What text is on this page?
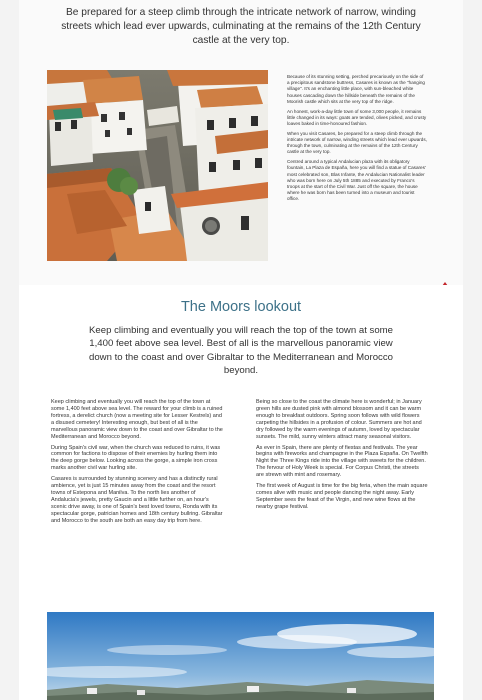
Be prepared for a steep climb through the intricate network of narrow, winding streets which lead ever upwards, culminating at the remains of the 12th Century castle at the very top.

Because of its stunning setting, perched precariously on the side of a precipitous sandstone buttress, Casares is known as the "hanging village". It's an enchanting little place, with sun-bleached white houses cascading down the hillside beneath the remains of the Moorish castle which sits at the very top of the ridge.

An honest, work-a-day little town of some 3,000 people, it remains little changed in its ways: goats are tended, olives picked, and crusty loaves baked in time-honoured fashion.

When you visit Casares, be prepared for a steep climb through the intricate network of narrow, winding streets which lead ever upwards, through the town, culminating at the remains of the 12th Century castle at the very top.

Centred around a typical Andalucian plaza with its obligatory fountain, La Plaza de España, here you will find a statue of Casares' most celebrated son, Blas Infante, the Andalucian Nationalist leader who was born here on July 5th 1885 and executed by Franco's troops at the start of the Civil War. Just off the square, the house where he was born has been turned into a museum and tourist office.

The Moors lookout

Keep climbing and eventually you will reach the top of the town at some 1,400 feet above sea level. Best of all is the marvellous panoramic view down to the coast and over Gibraltar to the Mediterranean and Morocco beyond.

Keep climbing and eventually you will reach the top of the town at some 1,400 feet above sea level. The reward for your climb is a ruined fortress, a derelict church (now a meeting site for Lesser Kestrels) and a disused cemetery! Interesting enough, but best of all is the marvellous panoramic view down to the coast and over Gibraltar to the Mediterranean and Morocco beyond.

During Spain's civil war, when the church was reduced to ruins, it was common for factions to dispose of their enemies by hurling them into the deep gorge below. Looking across the gorge, a simple iron cross marks another civil war hurling site.

Casares is surrounded by stunning scenery and has a distinctly rural ambience, yet is just 15 minutes away from the coast and the resort towns of Estepona and Manilva. To the north lies another of Andalucia's jewels, pretty Gaucin and a little further on, an hour's scenic drive away, is one of Spain's best loved towns, Ronda with its spectacular gorge, patrician homes and 18th century bullring. Gibraltar and Morocco to the south are both an easy day trip from here.

Being so close to the coast the climate here is wonderful; in January green hills are dusted pink with almond blossom and it can be warm enough to breakfast outdoors. Spring soon follows with wild flowers carpeting the hillsides in a profusion of colour. Summers are hot and dry followed by the warm evenings of autumn, loved by spectacular sunsets. The mild, sunny winters attract many seasonal visitors.

As ever in Spain, there are plenty of fiestas and festivals. The year begins with fireworks and champagne in the Plaza España. On Twelfth Night the Three Kings ride into the village with sweets for the children. The fervour of Holy Week is special. For Corpus Christi, the streets are strewn with mint and rosemary.

The first week of August is time for the big feria, when the main square comes alive with music and people dancing the night away. Early September sees the feast of the Virgin, and new wine flows at the nearby grape festival.
